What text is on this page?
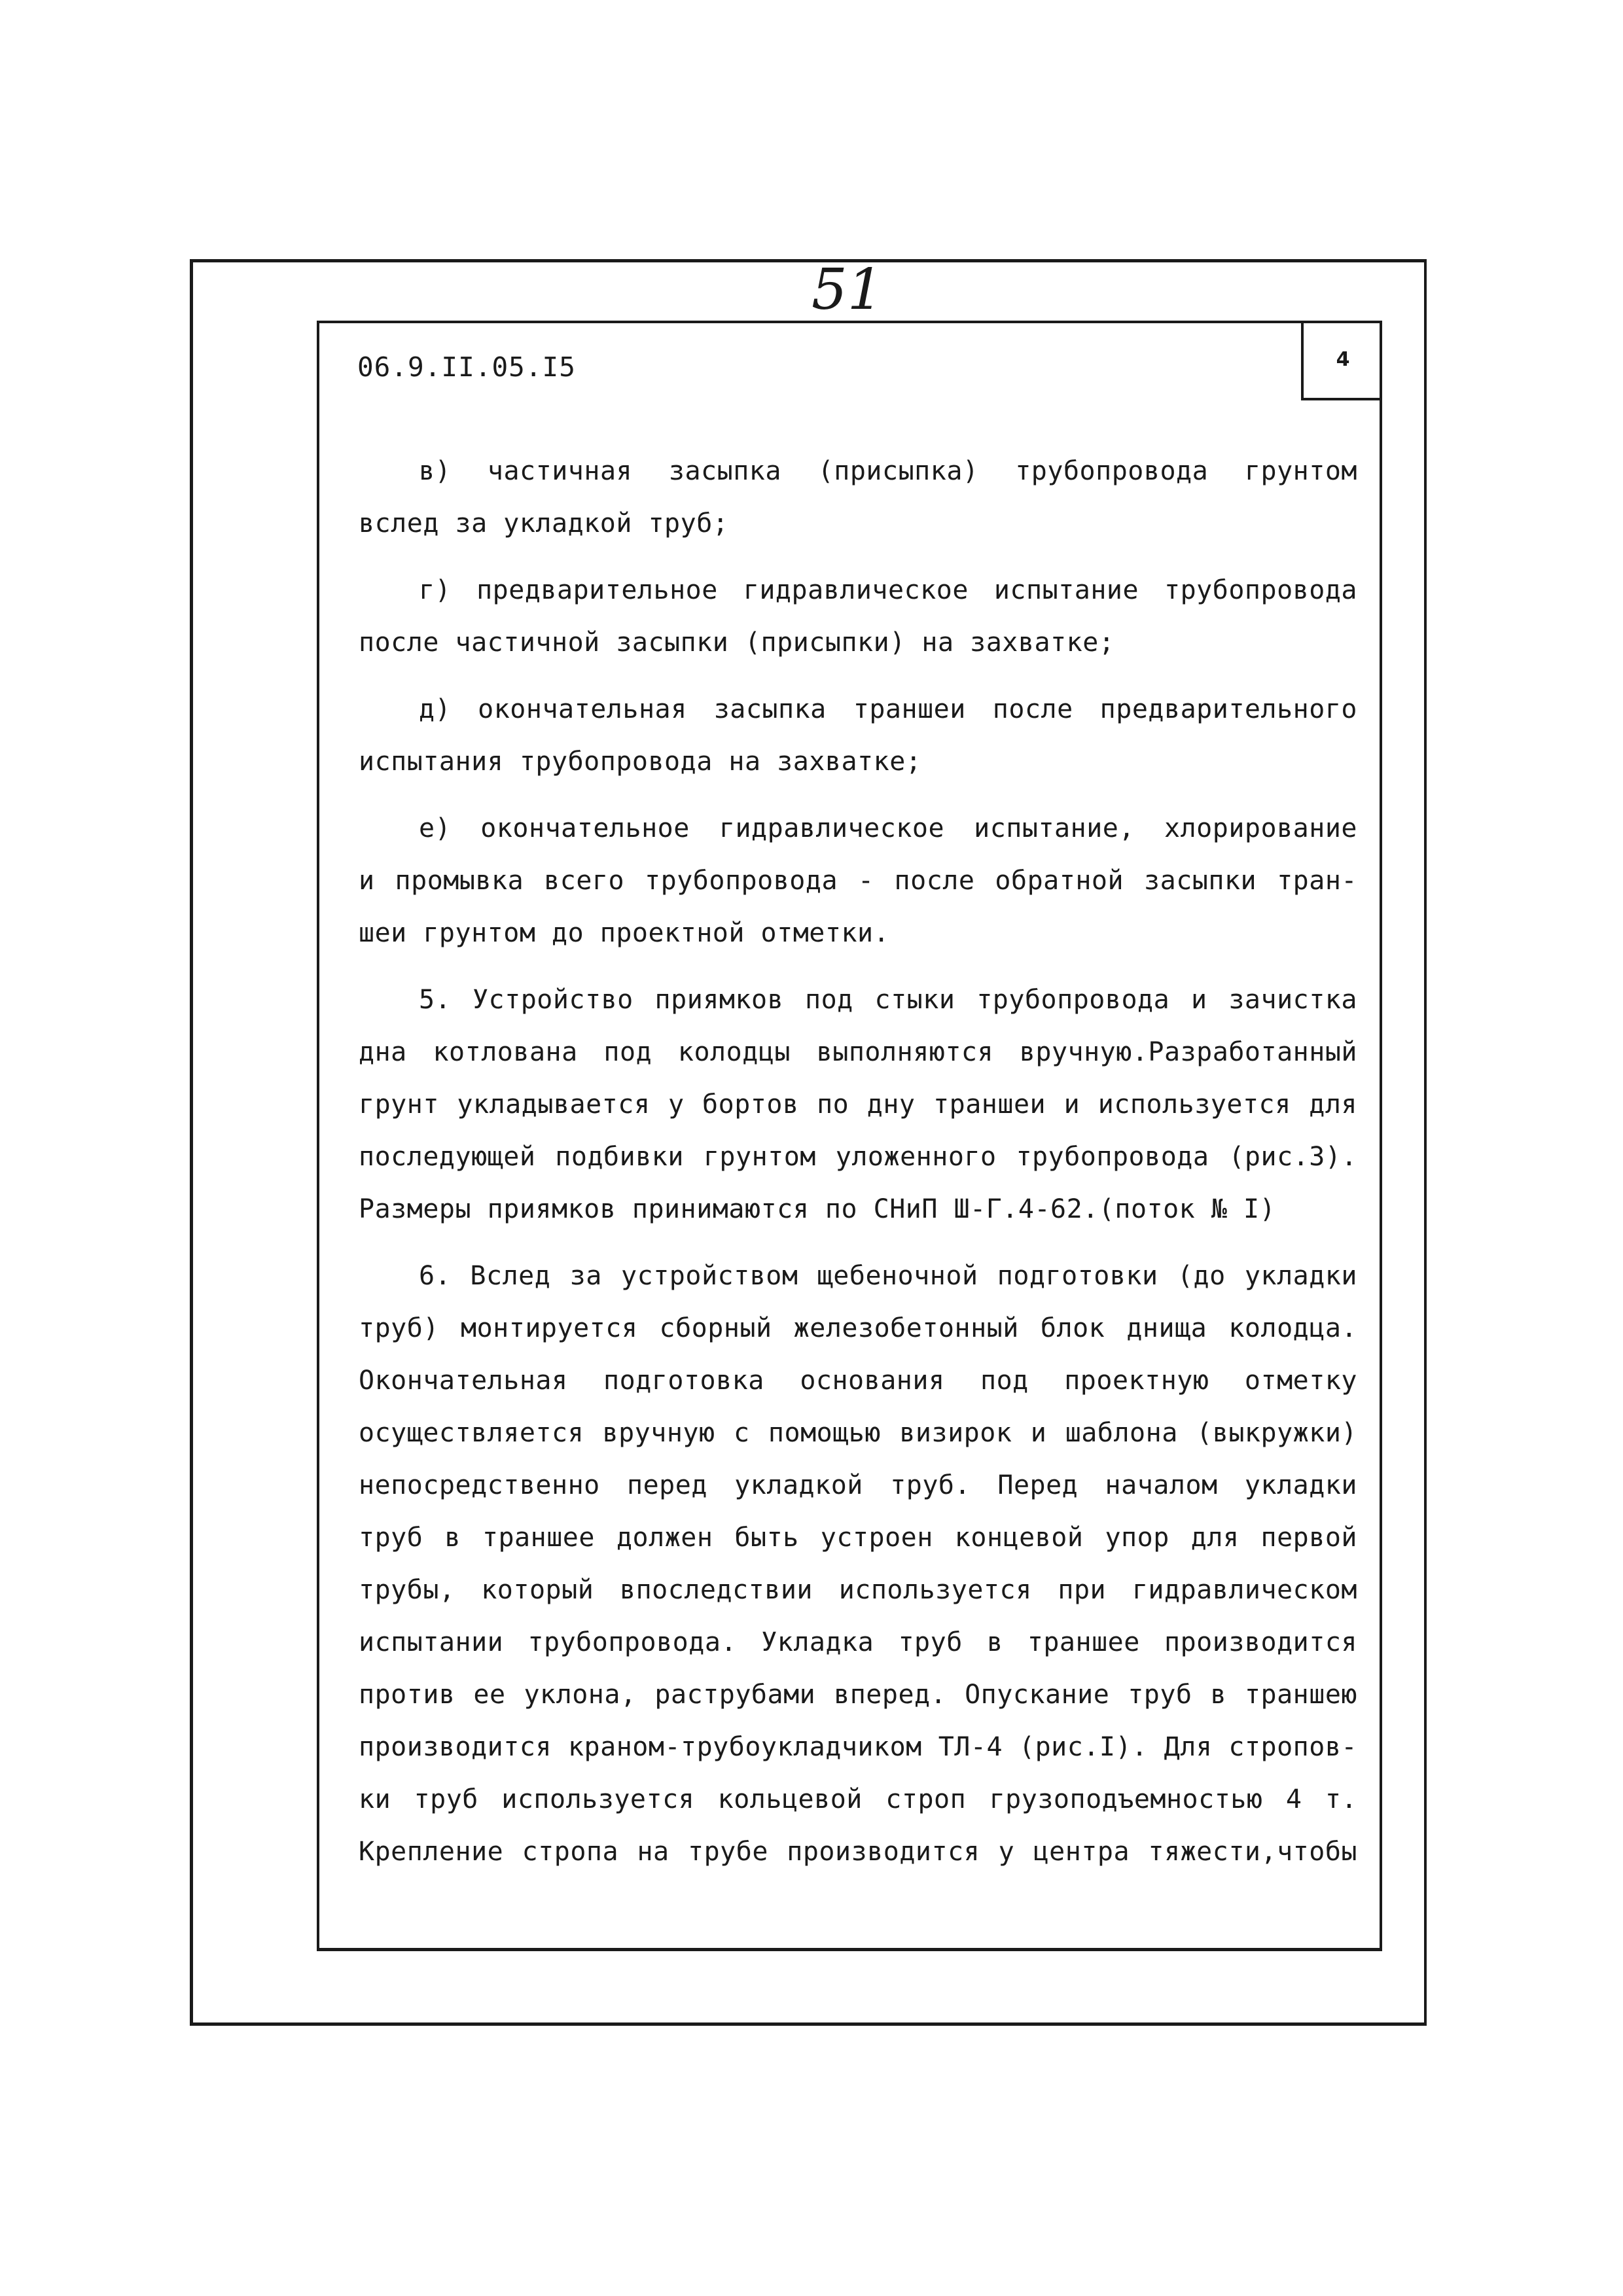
51
06.9.II.05.I5	4
в) частичная засыпка (присыпка) трубопровода грунтом
вслед за укладкой труб;
г) предварительное гидравлическое испытание трубопровода
после частичной засыпки (присыпки) на захватке;
д) окончательная засыпка траншеи после предварительного
испытания трубопровода на захватке;
е) окончательное гидравлическое испытание, хлорирование
и промывка всего трубопровода - после обратной засыпки тран-
шеи грунтом до проектной отметки.
5. Устройство приямков под стыки трубопровода и зачистка
дна котлована под колодцы выполняются вручную.Разработанный
грунт укладывается у бортов по дну траншеи и используется для
последующей подбивки грунтом уложенного трубопровода (рис.3).
Размеры приямков принимаются по СНиП Ш-Г.4-62.(поток № I)
6. Вслед за устройством щебеночной подготовки (до укладки
труб) монтируется сборный железобетонный блок днища колодца.
Окончательная подготовка основания под проектную отметку
осуществляется вручную с помощью визирок и шаблона (выкружки)
непосредственно перед укладкой труб. Перед началом укладки
труб в траншее должен быть устроен концевой упор для первой
трубы, который впоследствии используется при гидравлическом
испытании трубопровода. Укладка труб в траншее производится
против ее уклона, раструбами вперед. Опускание труб в траншею
производится краном-трубоукладчиком ТЛ-4 (рис.I). Для стропов-
ки труб используется кольцевой строп грузоподъемностью 4 т.
Крепление стропа на трубе производится у центра тяжести,чтобы
